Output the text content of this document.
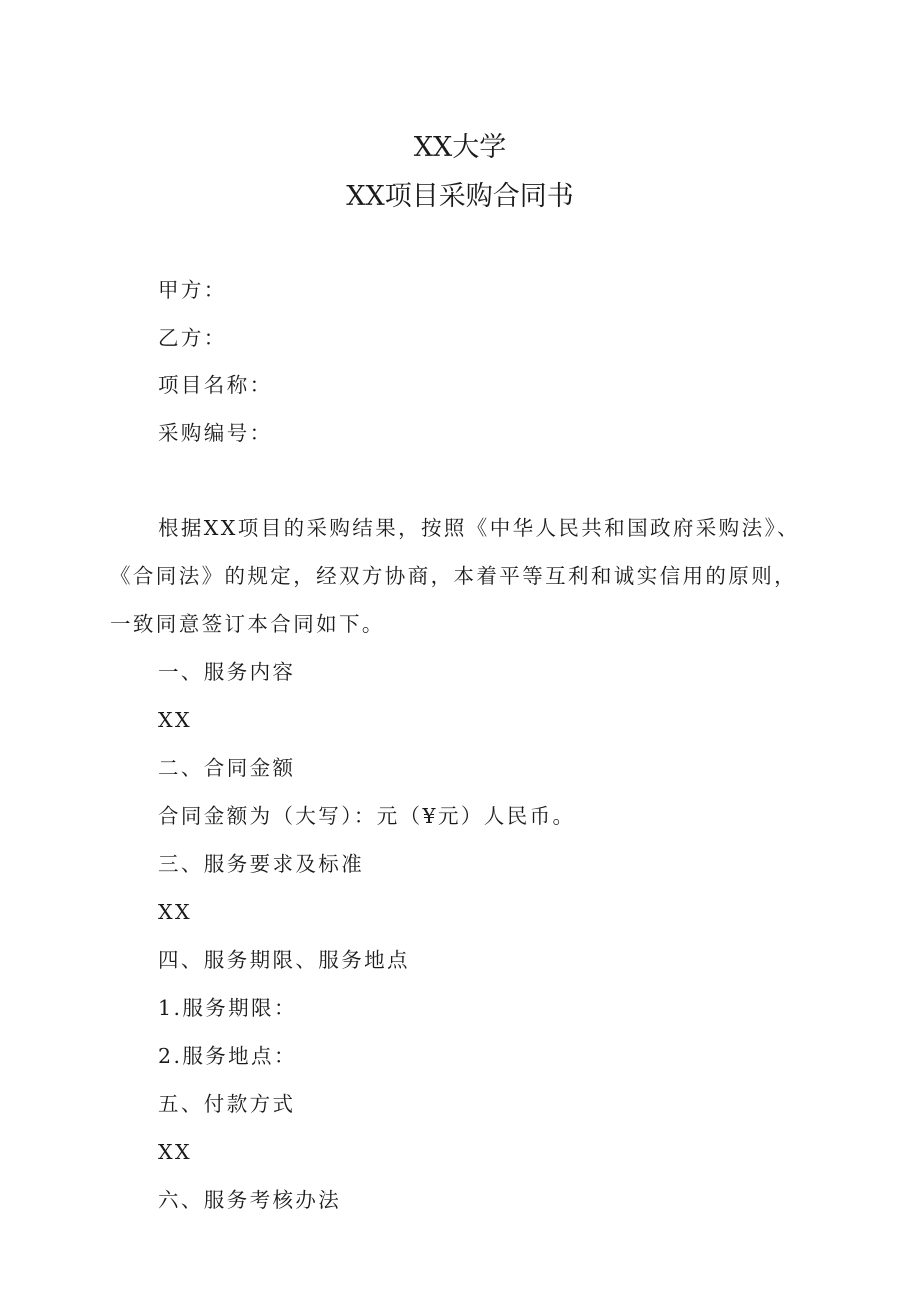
XX大学
XX项目采购合同书
甲方：
乙方：
项目名称：
采购编号：
根据XX项目的采购结果，按照《中华人民共和国政府采购法》、
《合同法》的规定，经双方协商，本着平等互利和诚实信用的原则，
一致同意签订本合同如下。
一、服务内容
XX
二、合同金额
合同金额为（大写）：元（¥元）人民币。
三、服务要求及标准
XX
四、服务期限、服务地点
1.服务期限：
2.服务地点：
五、付款方式
XX
六、服务考核办法
